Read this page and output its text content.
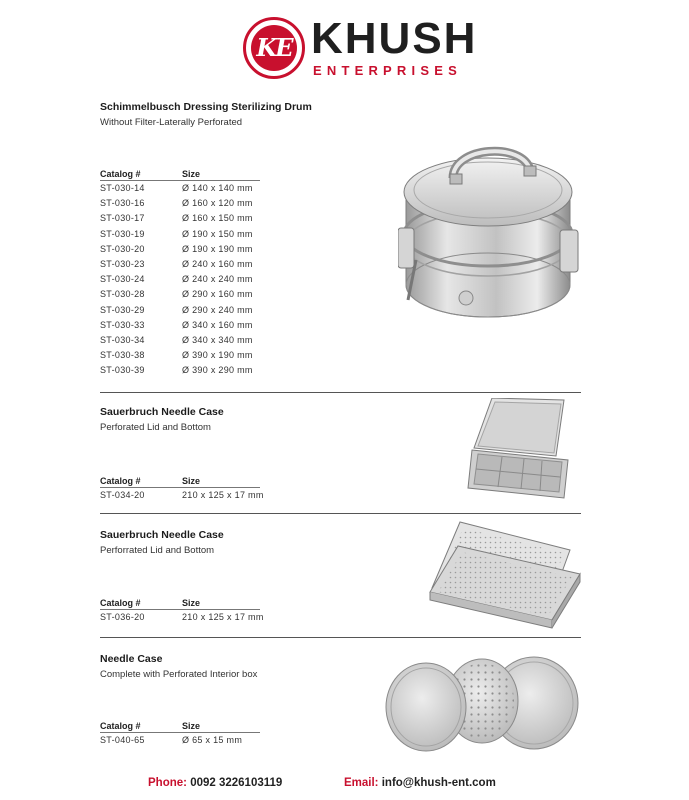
KE KHUSH
ENTERPRISES

Schimmelbusch Dressing Sterilizing Drum

Without Filter-Laterally Perforated

Catalog #	Size
ST-030-14	Ø 140 x 140 mm
ST-030-16	Ø 160 x 120 mm
ST-030-17	Ø 160 x 150 mm
ST-030-19	Ø 190 x 150 mm
ST-030-20	Ø 190 x 190 mm
ST-030-23	Ø 240 x 160 mm
ST-030-24	Ø 240 x 240 mm
ST-030-28	Ø 290 x 160 mm
ST-030-29	Ø 290 x 240 mm
ST-030-33	Ø 340 x 160 mm
ST-030-34	Ø 340 x 340 mm
ST-030-38	Ø 390 x 190 mm
ST-030-39	Ø 390 x 290 mm

Sauerbruch Needle Case

Perforated Lid and Bottom

Catalog #	Size
ST-034-20	210 x 125 x 17 mm

Sauerbruch Needle Case

Perforrated Lid and Bottom

Catalog #	Size
ST-036-20	210 x 125 x 17 mm

Needle Case

Complete with Perforated Interior box

Catalog #	Size
ST-040-65	Ø 65 x 15 mm
Phone: 0092 3226103119	Email: info@khush-ent.com
